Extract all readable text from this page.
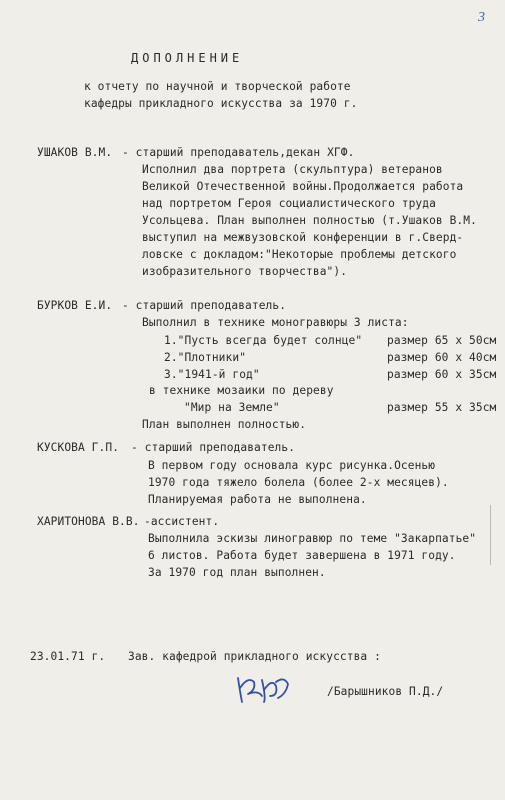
3
ДОПОЛНЕНИЕ
к отчету по научной и творческой работе
кафедры прикладного искусства за 1970 г.
УШАКОВ В.М. - старший преподаватель,декан ХГФ.
Исполнил два портрета (скульптура) ветеранов
Великой Отечественной войны.Продолжается работа
над портретом Героя социалистического труда
Усольцева. План выполнен полностью (т.Ушаков В.М.
выступил на межвузовской конференции в г.Сверд-
ловске с докладом:"Некоторые проблемы детского
изобразительного творчества").
БУРКОВ Е.И. - старший преподаватель.
Выполнил в технике моногравюры 3 листа:
1."Пусть всегда будет солнце" размер 65 х 50см
2."Плотники"	размер 60 х 40см
3."1941-й год"	размер 60 х 35см
в технике мозаики по дереву
"Мир на Земле"	размер 55 х 35см
План выполнен полностью.
КУСКОВА Г.П. - старший преподаватель.
В первом году основала курс рисунка.Осенью
1970 года тяжело болела (более 2-х месяцев).
Планируемая работа не выполнена.
ХАРИТОНОВА В.В. -ассистент.
Выполнила эскизы линогравюр по теме "Закарпатье"
6 листов. Работа будет завершена в 1971 году.
За 1970 год план выполнен.
23.01.71 г. Зав. кафедрой прикладного искусства :
/Барышников П.Д./
